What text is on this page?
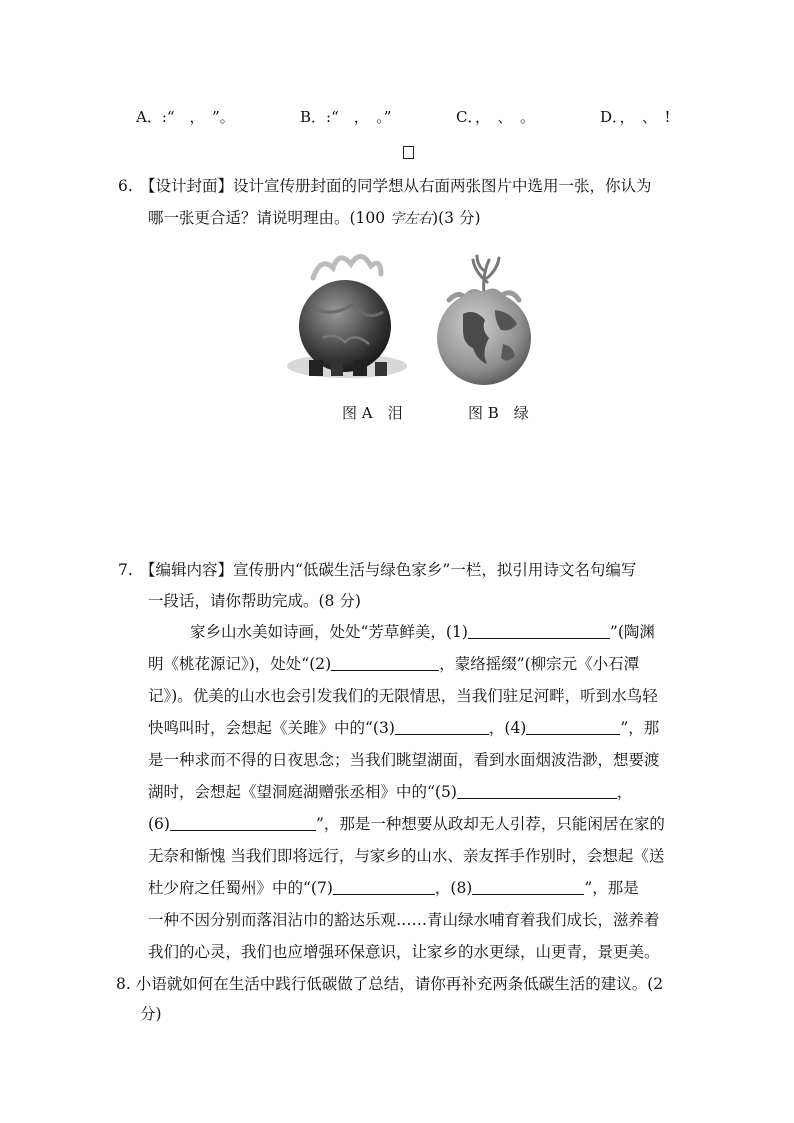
A．:“　，　”。	B．:“　，　。”	C．，　、　。	D．，　、　!
6. 【设计封面】设计宣传册封面的同学想从右面两张图片中选用一张，你认为
哪一张更合适？请说明理由。(100 字左右)(3 分)
图 A　泪	图 B　绿
7. 【编辑内容】宣传册内“低碳生活与绿色家乡”一栏，拟引用诗文名句编写
一段话，请你帮助完成。(8 分)
家乡山水美如诗画，处处“芳草鲜美，(1)	”(陶渊
明《桃花源记》)，处处“(2)	，蒙络摇缀”(柳宗元《小石潭
记》)。优美的山水也会引发我们的无限情思，当我们驻足河畔，听到水鸟轻
快鸣叫时，会想起《关雎》中的“(3)	，(4)	”，那
是一种求而不得的日夜思念；当我们眺望湖面，看到水面烟波浩渺，想要渡
湖时，会想起《望洞庭湖赠张丞相》中的“(5)	，
(6)	”，那是一种想要从政却无人引荐，只能闲居在家的
无奈和惭愧 当我们即将远行，与家乡的山水、亲友挥手作别时，会想起《送
杜少府之任蜀州》中的“(7)	，(8)	”，那是
一种不因分别而落泪沾巾的豁达乐观……青山绿水哺育着我们成长，滋养着
我们的心灵，我们也应增强环保意识，让家乡的水更绿，山更青，景更美。
8. 小语就如何在生活中践行低碳做了总结，请你再补充两条低碳生活的建议。(2
分)
